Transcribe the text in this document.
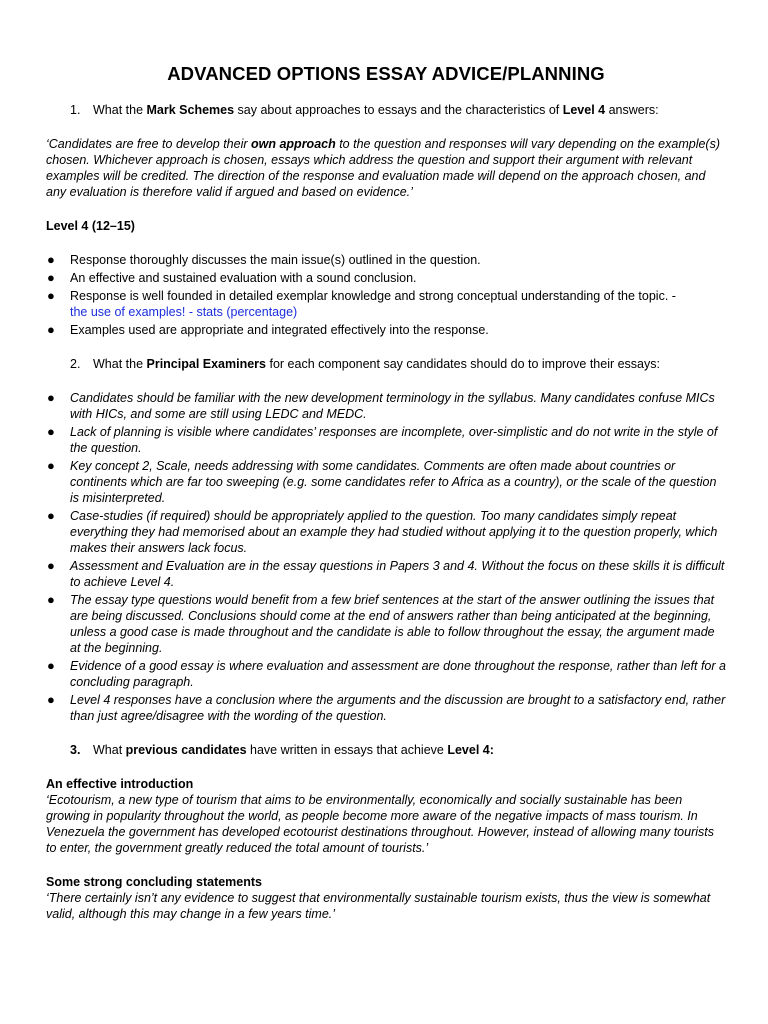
ADVANCED OPTIONS ESSAY ADVICE/PLANNING
1.	What the Mark Schemes say about approaches to essays and the characteristics of Level 4 answers:

‘Candidates are free to develop their own approach to the question and responses will vary depending on the example(s) chosen. Whichever approach is chosen, essays which address the question and support their argument with relevant examples will be credited. The direction of the response and evaluation made will depend on the approach chosen, and any evaluation is therefore valid if argued and based on evidence.’

Level 4 (12–15)

●	Response thoroughly discusses the main issue(s) outlined in the question.
●	An effective and sustained evaluation with a sound conclusion.
●	Response is well founded in detailed exemplar knowledge and strong conceptual understanding of the topic. -
the use of examples! - stats (percentage)
●	Examples used are appropriate and integrated effectively into the response.
2.	What the Principal Examiners for each component say candidates should do to improve their essays:
●	Candidates should be familiar with the new development terminology in the syllabus. Many candidates confuse MICs with HICs, and some are still using LEDC and MEDC.
●	Lack of planning is visible where candidates’ responses are incomplete, over-simplistic and do not write in the style of the question.
●	Key concept 2, Scale, needs addressing with some candidates. Comments are often made about countries or continents which are far too sweeping (e.g. some candidates refer to Africa as a country), or the scale of the question is misinterpreted.
●	Case-studies (if required) should be appropriately applied to the question. Too many candidates simply repeat everything they had memorised about an example they had studied without applying it to the question properly, which makes their answers lack focus.
●	Assessment and Evaluation are in the essay questions in Papers 3 and 4. Without the focus on these skills it is difficult to achieve Level 4.
●	The essay type questions would benefit from a few brief sentences at the start of the answer outlining the issues that are being discussed. Conclusions should come at the end of answers rather than being anticipated at the beginning, unless a good case is made throughout and the candidate is able to follow throughout the essay, the argument made at the beginning.
●	Evidence of a good essay is where evaluation and assessment are done throughout the response, rather than left for a concluding paragraph.
●	Level 4 responses have a conclusion where the arguments and the discussion are brought to a satisfactory end, rather than just agree/disagree with the wording of the question.
3.	What previous candidates have written in essays that achieve Level 4:

An effective introduction

‘Ecotourism, a new type of tourism that aims to be environmentally, economically and socially sustainable has been growing in popularity throughout the world, as people become more aware of the negative impacts of mass tourism. In Venezuela the government has developed ecotourist destinations throughout. However, instead of allowing many tourists to enter, the government greatly reduced the total amount of tourists.’

Some strong concluding statements

‘There certainly isn’t any evidence to suggest that environmentally sustainable tourism exists, thus the view is somewhat valid, although this may change in a few years time.’
